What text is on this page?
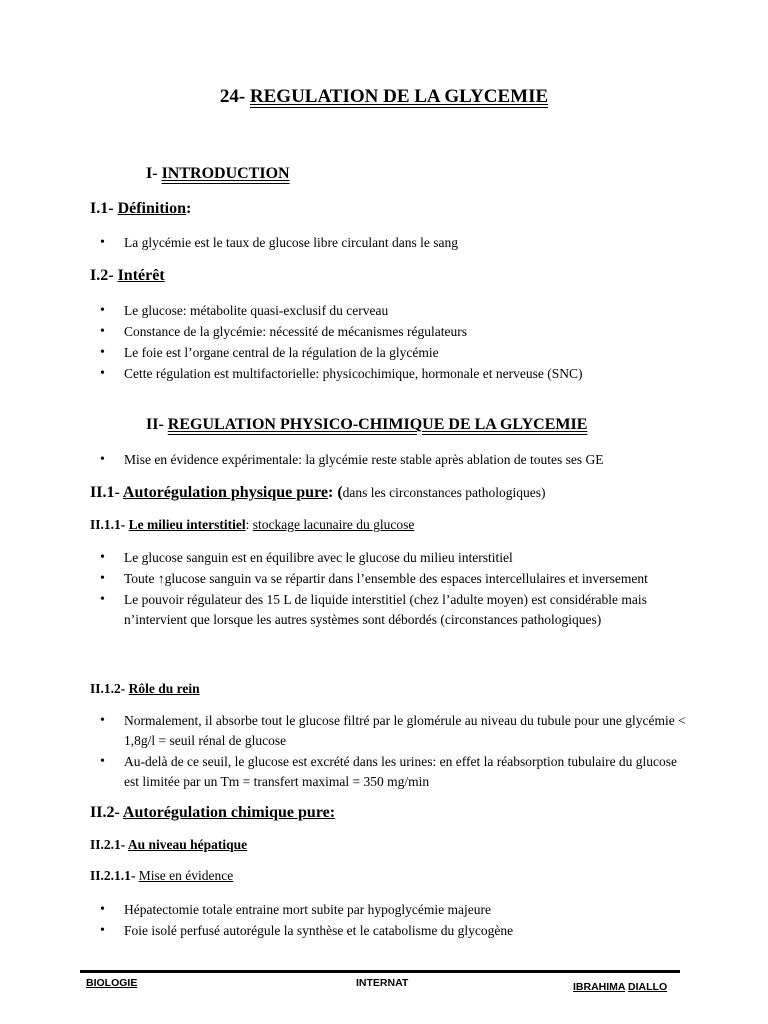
24- REGULATION DE LA GLYCEMIE
I- INTRODUCTION
I.1- Définition:
• La glycémie est le taux de glucose libre circulant dans le sang
I.2- Intérêt
• Le glucose: métabolite quasi-exclusif du cerveau
• Constance de la glycémie: nécessité de mécanismes régulateurs
• Le foie est l’organe central de la régulation de la glycémie
• Cette régulation est multifactorielle: physicochimique, hormonale et nerveuse (SNC)
II- REGULATION PHYSICO-CHIMIQUE DE LA GLYCEMIE
• Mise en évidence expérimentale: la glycémie reste stable après ablation de toutes ses GE
II.1- Autorégulation physique pure: (dans les circonstances pathologiques)
II.1.1- Le milieu interstitiel: stockage lacunaire du glucose
• Le glucose sanguin est en équilibre avec le glucose du milieu interstitiel
• Toute ↑glucose sanguin va se répartir dans l’ensemble des espaces intercellulaires et inversement
• Le pouvoir régulateur des 15 L de liquide interstitiel (chez l’adulte moyen) est considérable mais n’intervient que lorsque les autres systèmes sont débordés (circonstances pathologiques)
II.1.2- Rôle du rein
• Normalement, il absorbe tout le glucose filtré par le glomérule au niveau du tubule pour une glycémie < 1,8g/l = seuil rénal de glucose
• Au-delà de ce seuil, le glucose est excrété dans les urines: en effet la réabsorption tubulaire du glucose est limitée par un Tm = transfert maximal = 350 mg/min
II.2- Autorégulation chimique pure:
II.2.1- Au niveau hépatique
II.2.1.1- Mise en évidence
• Hépatectomie totale entraine mort subite par hypoglycémie majeure
• Foie isolé perfusé autorégule la synthèse et le catabolisme du glycogène
BIOLOGIE	INTERNAT	IBRAHIMA DIALLO
